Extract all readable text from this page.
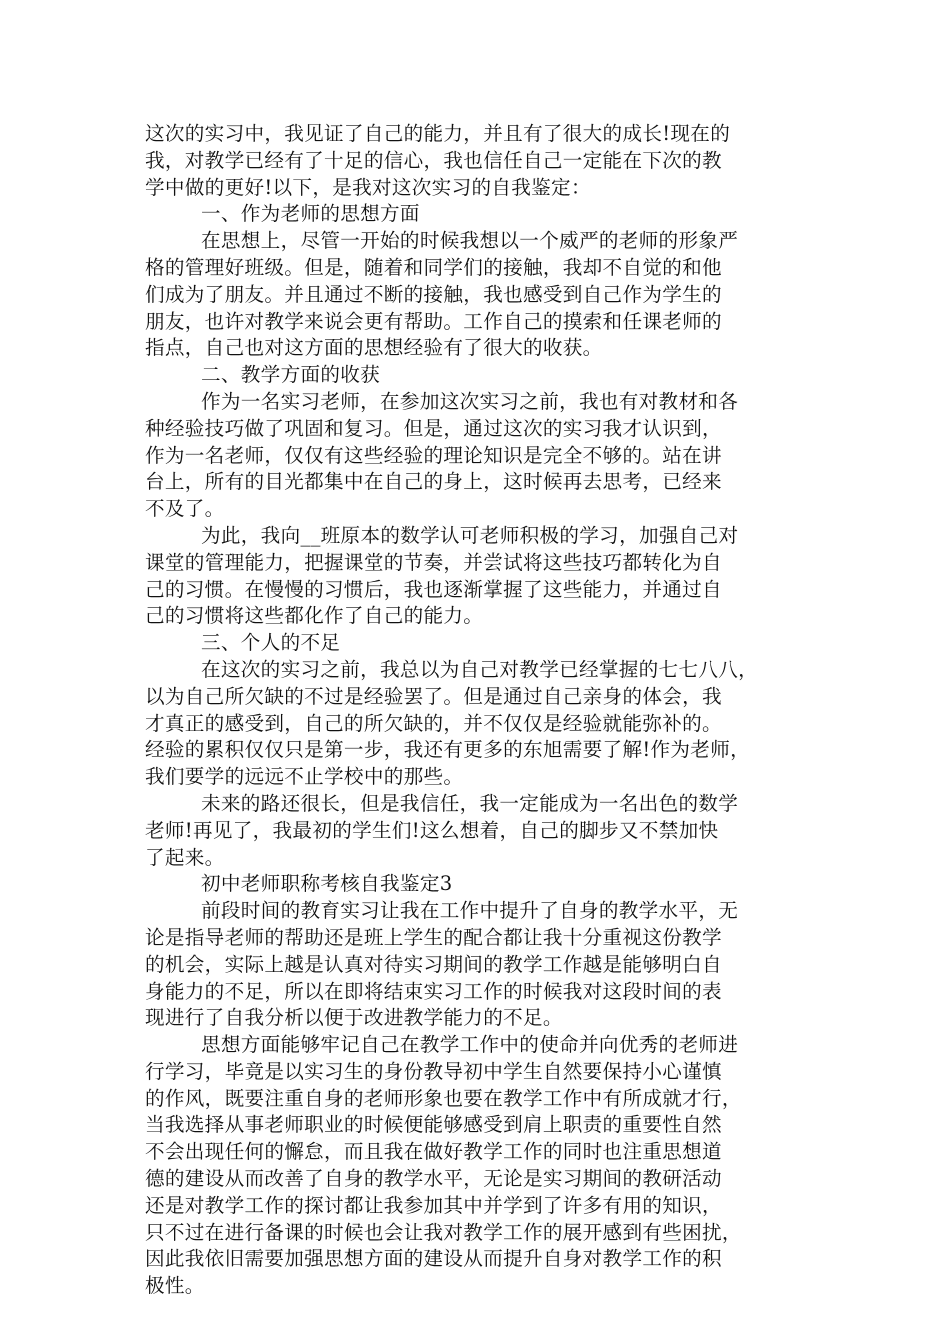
这次的实习中，我见证了自己的能力，并且有了很大的成长!现在的
我，对教学已经有了十足的信心，我也信任自己一定能在下次的教
学中做的更好!以下，是我对这次实习的自我鉴定：
一、作为老师的思想方面
在思想上，尽管一开始的时候我想以一个威严的老师的形象严
格的管理好班级。但是，随着和同学们的接触，我却不自觉的和他
们成为了朋友。并且通过不断的接触，我也感受到自己作为学生的
朋友，也许对教学来说会更有帮助。工作自己的摸索和任课老师的
指点，自己也对这方面的思想经验有了很大的收获。
二、教学方面的收获
作为一名实习老师，在参加这次实习之前，我也有对教材和各
种经验技巧做了巩固和复习。但是，通过这次的实习我才认识到，
作为一名老师，仅仅有这些经验的理论知识是完全不够的。站在讲
台上，所有的目光都集中在自己的身上，这时候再去思考，已经来
不及了。
为此，我向__班原本的数学认可老师积极的学习，加强自己对
课堂的管理能力，把握课堂的节奏，并尝试将这些技巧都转化为自
己的习惯。在慢慢的习惯后，我也逐渐掌握了这些能力，并通过自
己的习惯将这些都化作了自己的能力。
三、个人的不足
在这次的实习之前，我总以为自己对教学已经掌握的七七八八，
以为自己所欠缺的不过是经验罢了。但是通过自己亲身的体会，我
才真正的感受到，自己的所欠缺的，并不仅仅是经验就能弥补的。
经验的累积仅仅只是第一步，我还有更多的东旭需要了解!作为老师，
我们要学的远远不止学校中的那些。
未来的路还很长，但是我信任，我一定能成为一名出色的数学
老师!再见了，我最初的学生们!这么想着，自己的脚步又不禁加快
了起来。
初中老师职称考核自我鉴定3
前段时间的教育实习让我在工作中提升了自身的教学水平，无
论是指导老师的帮助还是班上学生的配合都让我十分重视这份教学
的机会，实际上越是认真对待实习期间的教学工作越是能够明白自
身能力的不足，所以在即将结束实习工作的时候我对这段时间的表
现进行了自我分析以便于改进教学能力的不足。
思想方面能够牢记自己在教学工作中的使命并向优秀的老师进
行学习，毕竟是以实习生的身份教导初中学生自然要保持小心谨慎
的作风，既要注重自身的老师形象也要在教学工作中有所成就才行，
当我选择从事老师职业的时候便能够感受到肩上职责的重要性自然
不会出现任何的懈怠，而且我在做好教学工作的同时也注重思想道
德的建设从而改善了自身的教学水平，无论是实习期间的教研活动
还是对教学工作的探讨都让我参加其中并学到了许多有用的知识，
只不过在进行备课的时候也会让我对教学工作的展开感到有些困扰，
因此我依旧需要加强思想方面的建设从而提升自身对教学工作的积
极性。
